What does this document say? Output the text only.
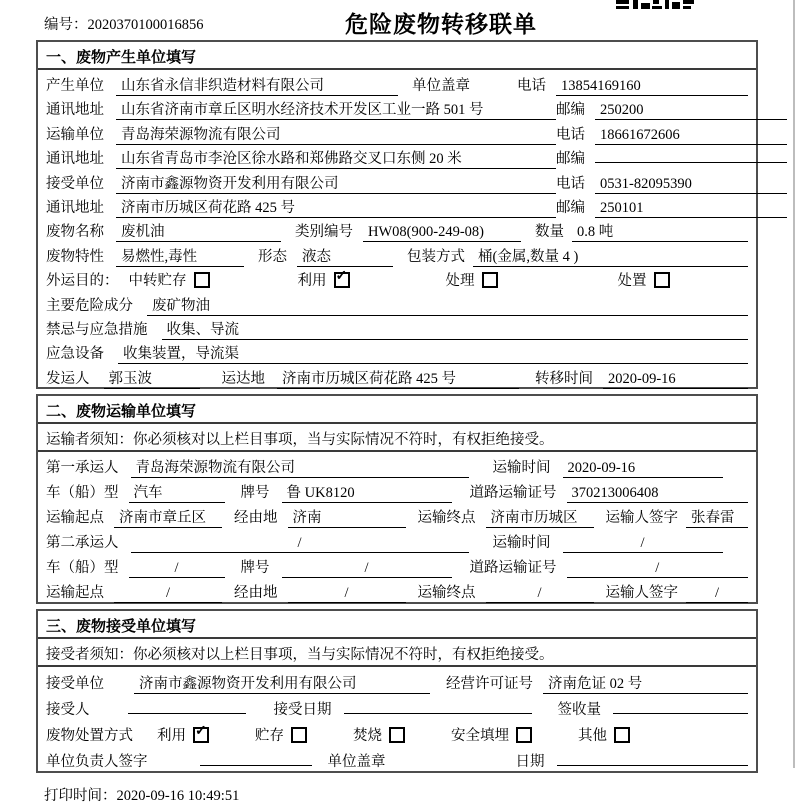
编号：2020370100016856	危险废物转移联单
一、废物产生单位填写
产生单位	山东省永信非织造材料有限公司	单位盖章	电话	13854169160
通讯地址	山东省济南市章丘区明水经济技术开发区工业一路 501 号	邮编	250200
运输单位	青岛海荣源物流有限公司	电话	18661672606
通讯地址	山东省青岛市李沧区徐水路和郑佛路交叉口东侧 20 米	邮编
接受单位	济南市鑫源物资开发利用有限公司	电话	0531-82095390
通讯地址	济南市历城区荷花路 425 号	邮编	250101
废物名称	废机油	类别编号	HW08(900-249-08)	数量 0.8 吨
废物特性	易燃性,毒性	形态	液态	包装方式 桶(金属,数量 4 )
外运目的： 中转贮存	利用 ✓	处理	处置
主要危险成分	废矿物油
禁忌与应急措施	收集、导流
应急设备	收集装置，导流渠
发运人	郭玉波	运达地	济南市历城区荷花路 425 号	转移时间	2020-09-16
二、废物运输单位填写
运输者须知：你必须核对以上栏目事项，当与实际情况不符时，有权拒绝接受。
第一承运人	青岛海荣源物流有限公司	运输时间	2020-09-16
车（船）型	汽车	牌号	鲁 UK8120	道路运输证号	370213006408
运输起点	济南市章丘区	经由地	济南	运输终点	济南市历城区	运输人签字 张春雷
第二承运人	/	运输时间	/
车（船）型	/	牌号	/	道路运输证号	/
运输起点	/	经由地	/	运输终点	/	运输人签字	/
三、废物接受单位填写
接受者须知：你必须核对以上栏目事项，当与实际情况不符时，有权拒绝接受。
接受单位	济南市鑫源物资开发利用有限公司	经营许可证号	济南危证 02 号
接受人	接受日期	签收量
废物处置方式 利用 ✓	贮存	焚烧	安全填埋	其他
单位负责人签字	单位盖章	日期
打印时间：2020-09-16 10:49:51
